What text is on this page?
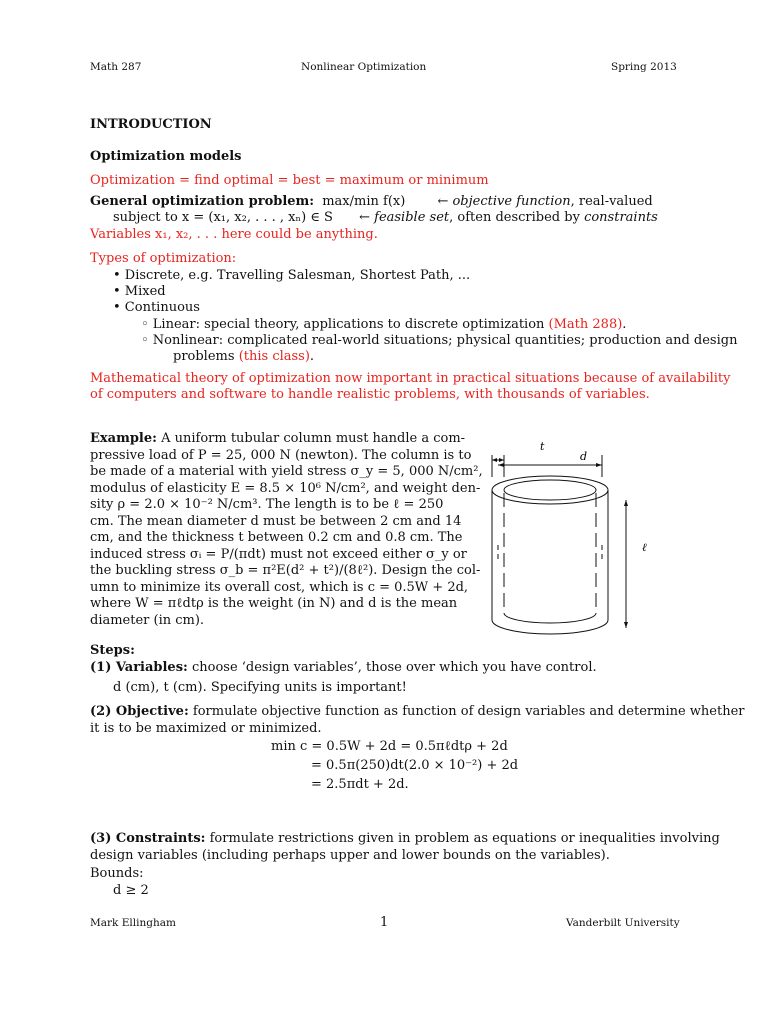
Math 287	Nonlinear Optimization	Spring 2013
INTRODUCTION
Optimization models
Optimization = find optimal = best = maximum or minimum
General optimization problem: max/min f(x) ← objective function, real-valued
subject to x = (x₁, x₂, . . . , xₙ) ∈ S ← feasible set, often described by constraints
Variables x₁, x₂, . . . here could be anything.
Types of optimization:
• Discrete, e.g. Travelling Salesman, Shortest Path, ...
• Mixed
• Continuous
◦ Linear: special theory, applications to discrete optimization (Math 288).
◦ Nonlinear: complicated real-world situations; physical quantities; production and design
problems (this class).
Mathematical theory of optimization now important in practical situations because of availability
of computers and software to handle realistic problems, with thousands of variables.
Example: A uniform tubular column must handle a com-
pressive load of P = 25, 000 N (newton). The column is to
be made of a material with yield stress σ_y = 5, 000 N/cm²,
modulus of elasticity E = 8.5 × 10⁶ N/cm², and weight den-
sity ρ = 2.0 × 10⁻² N/cm³. The length is to be ℓ = 250
cm. The mean diameter d must be between 2 cm and 14
cm, and the thickness t between 0.2 cm and 0.8 cm. The
induced stress σᵢ = P/(πdt) must not exceed either σ_y or
the buckling stress σ_b = π²E(d² + t²)/(8ℓ²). Design the col-
umn to minimize its overall cost, which is c = 0.5W + 2d,
where W = πℓdtρ is the weight (in N) and d is the mean
diameter (in cm).
t
d
ℓ
Steps:
(1) Variables: choose ‘design variables’, those over which you have control.
d (cm), t (cm). Specifying units is important!
(2) Objective: formulate objective function as function of design variables and determine whether
it is to be maximized or minimized.
min c = 0.5W + 2d = 0.5πℓdtρ + 2d
= 0.5π(250)dt(2.0 × 10⁻²) + 2d
= 2.5πdt + 2d.
(3) Constraints: formulate restrictions given in problem as equations or inequalities involving
design variables (including perhaps upper and lower bounds on the variables).
Bounds:
d ≥ 2
Mark Ellingham	1	Vanderbilt University
